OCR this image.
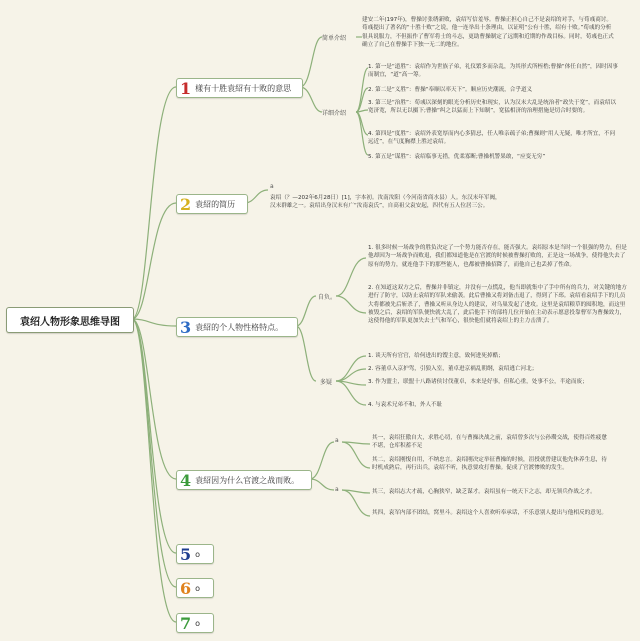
袁绍人物形象思维导图
1 樣有十胜袁紹有十败的意思
简单介绍
建安二年(197年)，曹操讨张绣新败，袁绍写信羞辱。曹操正担心自己不是袁绍的对手，与荀彧商讨。荀彧提出了著名的“十胜十败”之说，他一连举出十条理由，以证明“公有十胜，绍有十败。”荀彧的分析很具说服力，不但振作了曹军将士的斗志，更助曹操制定了远期和近期的作战目标。同时，荀彧也正式确立了自己在曹操手下独一无二的地位。
详细介绍
1. 第一是“道胜”：袁绍作为世族子弟，礼仪繁多而杂乱，为其形式所桎梏;曹操“体任自然”，因时因事而制宜，“道”高一筹。
2. 第二是“义胜”：曹操“奉顺以率天下”。顺应历史潮流，合乎道义
3. 第三是“治胜”：荀彧以深刻的眼光分析历史和现实，认为汉末大乱是统治者“政失于宽”，而袁绍以宽济宽，所以无以摄下;曹操“纠之以猛而上下知制”，宽猛相济的治理措施是切合时要的。
4. 第四是“度胜”：袁绍外表宽厚而内心多猜忌，任人唯亲疏子弟;曹操则“用人无疑，唯才所宜，不问远近”，在气度胸襟上胜过袁绍。
5. 第五是“谋胜”：袁绍临事无措，优柔寡断;曹操机警果敢，“应变无穷”
2 袁紹的简历
a
袁绍（？—202年6月28日）[1]，字本初。汝南汝阳（今河南省商水县）人。东汉末年军阀，汉末群雄之一。袁绍出身汉末有广“汝南袁氏”，自高祖父袁安起，四代有五人位居三公。
3 袁紹的个人物性格特点。
自负。
1. 很多时候一场战争的胜负决定了一个势力能否存在，能否强大。袁绍原本是当时一个很强的势力，但是他却因为一场战争而败退，我们都知道他是在官渡的时候被曹操打败的，正是这一场战争，使得他失去了原有的势力，就连他手下的那些能人，也都被曹操招降了，而他自己也丢掉了性命。
2. 在知道这双方之后，曹操并非镇定，并没有一点慌乱，他当即就集中了手中所有的兵力，对关键的地方进行了防守，以防止袁绍的军队来偷袭。此后曹操又将刘备击退了，得到了下邳。袁绍看袁绍手下的几员大将都被先后斩杀了，曹操又听从身边人的建议，对乌巢发起了进攻。这里是袁绍粮草的囤积地，而这里被毁之后，袁绍的军队便快就大乱了，此后他手下的部将几位开始在主动表示愿意投靠曹军为曹操效力，这使得他的军队更加失去士气和军心，很快他们就将袁绍上的主力击溃了。
多疑
1. 谈天所有官官，给何进出的馊主意，致何进死掉酷；
2. 容董卓入京护驾，引狼入室，董卓进京祸乱朝纲，袁绍逃亡河北；
3. 作为盟主，联盟十八路诸侯讨伐董卓，本来是好事，但私心重，处事不公，半途而废；
4. 与袁术兄弟不和，外人不耻
4 袁紹因为什么官渡之战而败。
a
a
其一，袁绍狂傲自大，求胜心切，在与曹操决战之前，袁绍曾多次与公孙瓒交战，使得百姓疲惫不堪，仓库积蓄不足
其二，袁绍刚愎自用，不纳忠言。袁绍刚决定举征曹操的时候，沮授就曾建议他先休养生息，待时机成熟后，再行出兵，袁绍不听，执意要攻打曹操。促成了官渡惨败的发生。
其三，袁绍志大才疏，心胸狭窄，缺乏谋才。袁绍虽有一统天下之志，却无领兵作战之才。
其四，袁军内部不团结，窝里斗。袁绍这个人喜欢听奉承话，不乐意别人提出与他相反的意见。
5 o
6 o
7 o
